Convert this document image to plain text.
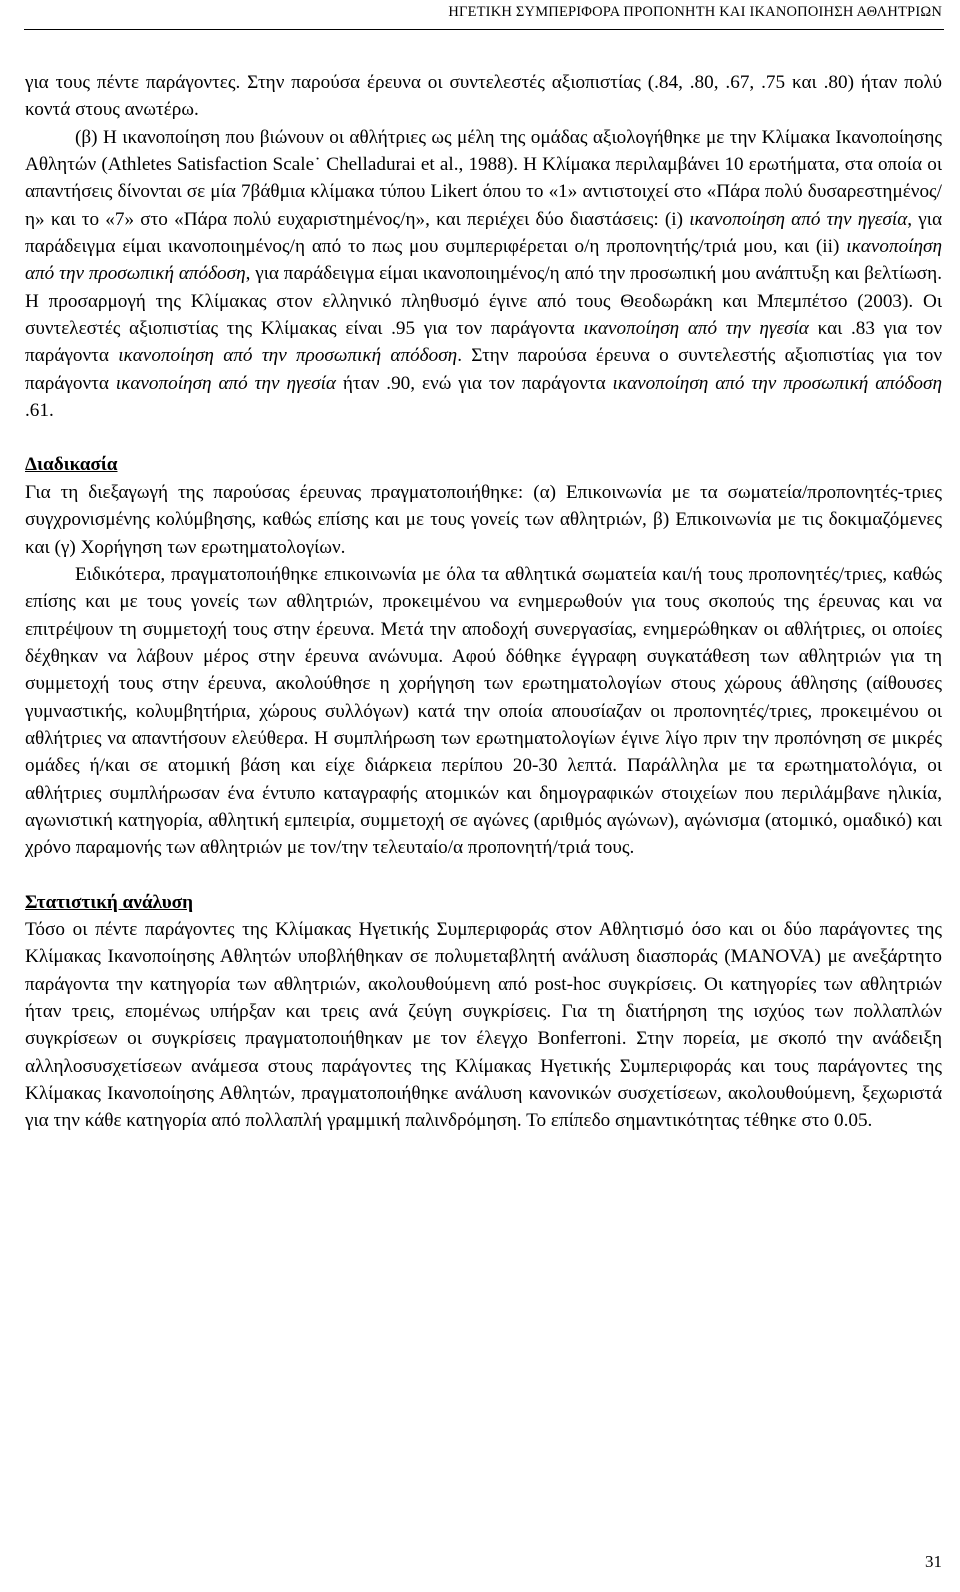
ΗΓΕΤΙΚΗ ΣΥΜΠΕΡΙΦΟΡΑ ΠΡΟΠΟΝΗΤΗ ΚΑΙ ΙΚΑΝΟΠΟΙΗΣΗ ΑΘΛΗΤΡΙΩΝ

για τους πέντε παράγοντες. Στην παρούσα έρευνα οι συντελεστές αξιοπιστίας (.84, .80, .67, .75 και .80) ήταν πολύ κοντά στους ανωτέρω.

(β) Η ικανοποίηση που βιώνουν οι αθλήτριες ως μέλη της ομάδας αξιολογήθηκε με την Κλίμακα Ικανοποίησης Αθλητών (Athletes Satisfaction Scale˙ Chelladurai et al., 1988). Η Κλίμακα περιλαμβάνει 10 ερωτήματα, στα οποία οι απαντήσεις δίνονται σε μία 7βάθμια κλίμακα τύπου Likert όπου το «1» αντιστοιχεί στο «Πάρα πολύ δυσαρεστημένος/η» και το «7» στο «Πάρα πολύ ευχαριστημένος/η», και περιέχει δύο διαστάσεις: (i) ικανοποίηση από την ηγεσία, για παράδειγμα είμαι ικανοποιημένος/η από το πως μου συμπεριφέρεται ο/η προπονητής/τριά μου, και (ii) ικανοποίηση από την προσωπική απόδοση, για παράδειγμα είμαι ικανοποιημένος/η από την προσωπική μου ανάπτυξη και βελτίωση. Η προσαρμογή της Κλίμακας στον ελληνικό πληθυσμό έγινε από τους Θεοδωράκη και Μπεμπέτσο (2003). Οι συντελεστές αξιοπιστίας της Κλίμακας είναι .95 για τον παράγοντα ικανοποίηση από την ηγεσία και .83 για τον παράγοντα ικανοποίηση από την προσωπική απόδοση. Στην παρούσα έρευνα ο συντελεστής αξιοπιστίας για τον παράγοντα ικανοποίηση από την ηγεσία ήταν .90, ενώ για τον παράγοντα ικανοποίηση από την προσωπική απόδοση .61.

Διαδικασία

Για τη διεξαγωγή της παρούσας έρευνας πραγματοποιήθηκε: (α) Επικοινωνία με τα σωματεία/προπονητές-τριες συγχρονισμένης κολύμβησης, καθώς επίσης και με τους γονείς των αθλητριών, β) Επικοινωνία με τις δοκιμαζόμενες και (γ) Χορήγηση των ερωτηματολογίων.

Ειδικότερα, πραγματοποιήθηκε επικοινωνία με όλα τα αθλητικά σωματεία και/ή τους προπονητές/τριες, καθώς επίσης και με τους γονείς των αθλητριών, προκειμένου να ενημερωθούν για τους σκοπούς της έρευνας και να επιτρέψουν τη συμμετοχή τους στην έρευνα. Μετά την αποδοχή συνεργασίας, ενημερώθηκαν οι αθλήτριες, οι οποίες δέχθηκαν να λάβουν μέρος στην έρευνα ανώνυμα. Αφού δόθηκε έγγραφη συγκατάθεση των αθλητριών για τη συμμετοχή τους στην έρευνα, ακολούθησε η χορήγηση των ερωτηματολογίων στους χώρους άθλησης (αίθουσες γυμναστικής, κολυμβητήρια, χώρους συλλόγων) κατά την οποία απουσίαζαν οι προπονητές/τριες, προκειμένου οι αθλήτριες να απαντήσουν ελεύθερα. Η συμπλήρωση των ερωτηματολογίων έγινε λίγο πριν την προπόνηση σε μικρές ομάδες ή/και σε ατομική βάση και είχε διάρκεια περίπου 20-30 λεπτά. Παράλληλα με τα ερωτηματολόγια, οι αθλήτριες συμπλήρωσαν ένα έντυπο καταγραφής ατομικών και δημογραφικών στοιχείων που περιλάμβανε ηλικία, αγωνιστική κατηγορία, αθλητική εμπειρία, συμμετοχή σε αγώνες (αριθμός αγώνων), αγώνισμα (ατομικό, ομαδικό) και χρόνο παραμονής των αθλητριών με τον/την τελευταίο/α προπονητή/τριά τους.

Στατιστική ανάλυση

Τόσο οι πέντε παράγοντες της Κλίμακας Ηγετικής Συμπεριφοράς στον Αθλητισμό όσο και οι δύο παράγοντες της Κλίμακας Ικανοποίησης Αθλητών υποβλήθηκαν σε πολυμεταβλητή ανάλυση διασποράς (MANOVA) με ανεξάρτητο παράγοντα την κατηγορία των αθλητριών, ακολουθούμενη από post-hoc συγκρίσεις. Οι κατηγορίες των αθλητριών ήταν τρεις, επομένως υπήρξαν και τρεις ανά ζεύγη συγκρίσεις. Για τη διατήρηση της ισχύος των πολλαπλών συγκρίσεων οι συγκρίσεις πραγματοποιήθηκαν με τον έλεγχο Bonferroni. Στην πορεία, με σκοπό την ανάδειξη αλληλοσυσχετίσεων ανάμεσα στους παράγοντες της Κλίμακας Ηγετικής Συμπεριφοράς και τους παράγοντες της Κλίμακας Ικανοποίησης Αθλητών, πραγματοποιήθηκε ανάλυση κανονικών συσχετίσεων, ακολουθούμενη, ξεχωριστά για την κάθε κατηγορία από πολλαπλή γραμμική παλινδρόμηση. Το επίπεδο σημαντικότητας τέθηκε στο 0.05.

31
